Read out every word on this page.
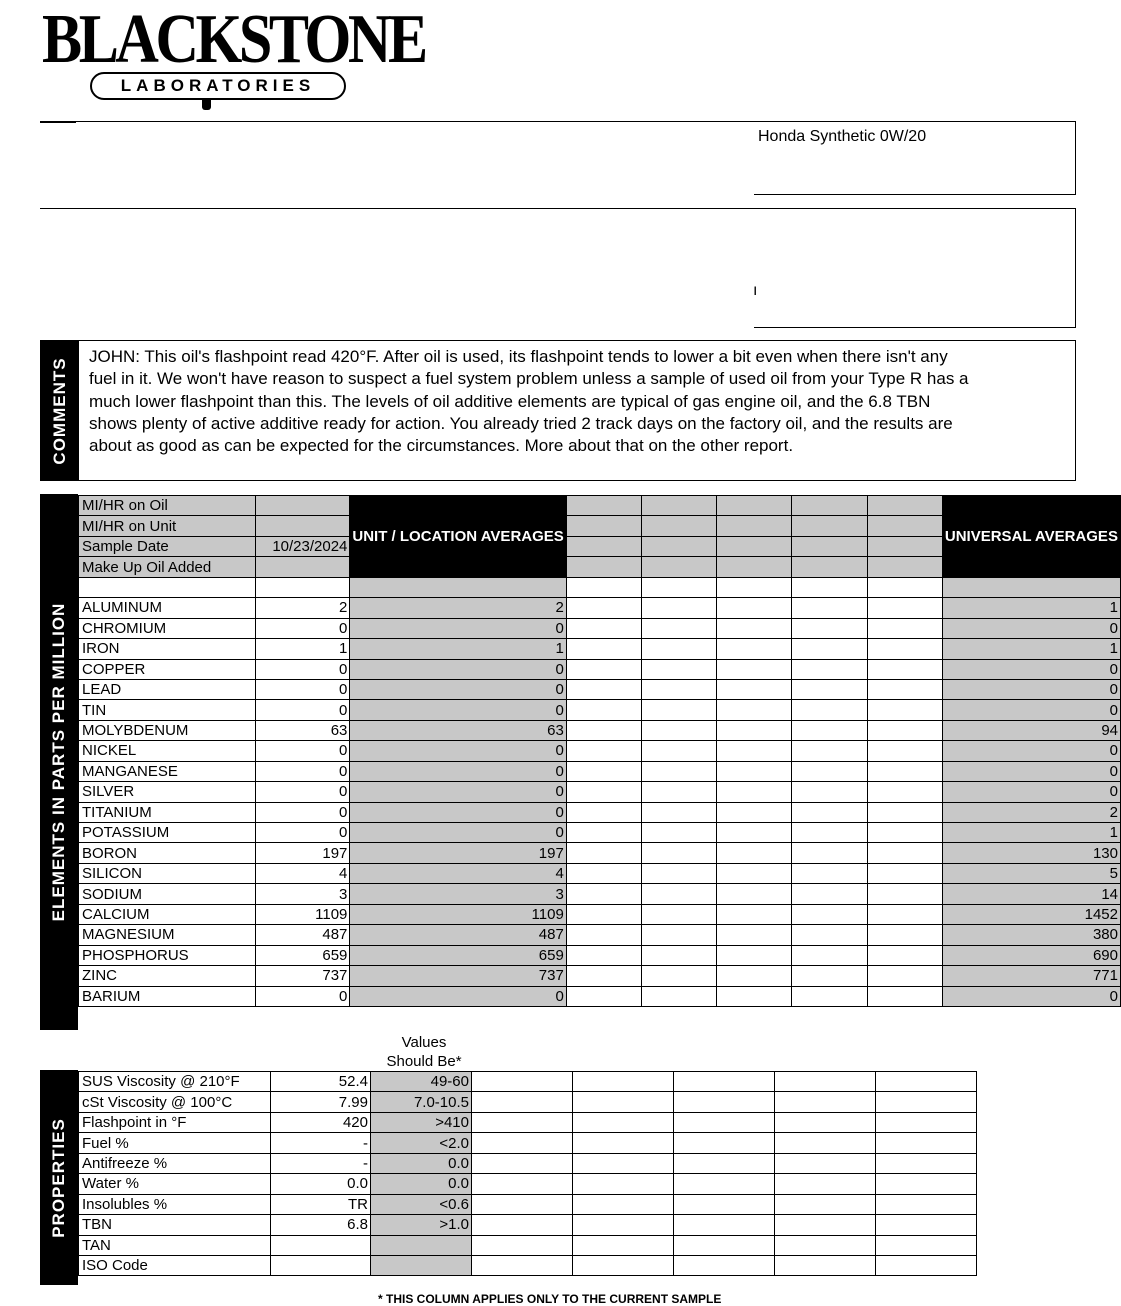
BLACKSTONE
LABORATORIES
Honda Synthetic 0W/20
ı
COMMENTS
JOHN: This oil's flashpoint read 420°F. After oil is used, its flashpoint tends to lower a bit even when there isn't any fuel in it. We won't have reason to suspect a fuel system problem unless a sample of used oil from your Type R has a much lower flashpoint than this. The levels of oil additive elements are typical of gas engine oil, and the 6.8 TBN shows plenty of active additive ready for action. You already tried 2 track days on the factory oil, and the results are about as good as can be expected for the circumstances. More about that on the other report.
ELEMENTS IN PARTS PER MILLION
MI/HR on Oil		UNIT / LOCATION AVERAGES						UNIVERSAL AVERAGES
MI/HR on Unit								
Sample Date	10/23/2024							
Make Up Oil Added								

ALUMINUM	2	2						1
CHROMIUM	0	0						0
IRON	1	1						1
COPPER	0	0						0
LEAD	0	0						0
TIN	0	0						0
MOLYBDENUM	63	63						94
NICKEL	0	0						0
MANGANESE	0	0						0
SILVER	0	0						0
TITANIUM	0	0						2
POTASSIUM	0	0						1
BORON	197	197						130
SILICON	4	4						5
SODIUM	3	3						14
CALCIUM	1109	1109						1452
MAGNESIUM	487	487						380
PHOSPHORUS	659	659						690
ZINC	737	737						771
BARIUM	0	0						0
Values
Should Be*
PROPERTIES
SUS Viscosity @ 210°F	52.4	49-60					
cSt Viscosity @ 100°C	7.99	7.0-10.5					
Flashpoint in °F	420	>410					
Fuel %	-	<2.0					
Antifreeze %	-	0.0					
Water %	0.0	0.0					
Insolubles %	TR	<0.6					
TBN	6.8	>1.0					
TAN							
ISO Code							
* THIS COLUMN APPLIES ONLY TO THE CURRENT SAMPLE
